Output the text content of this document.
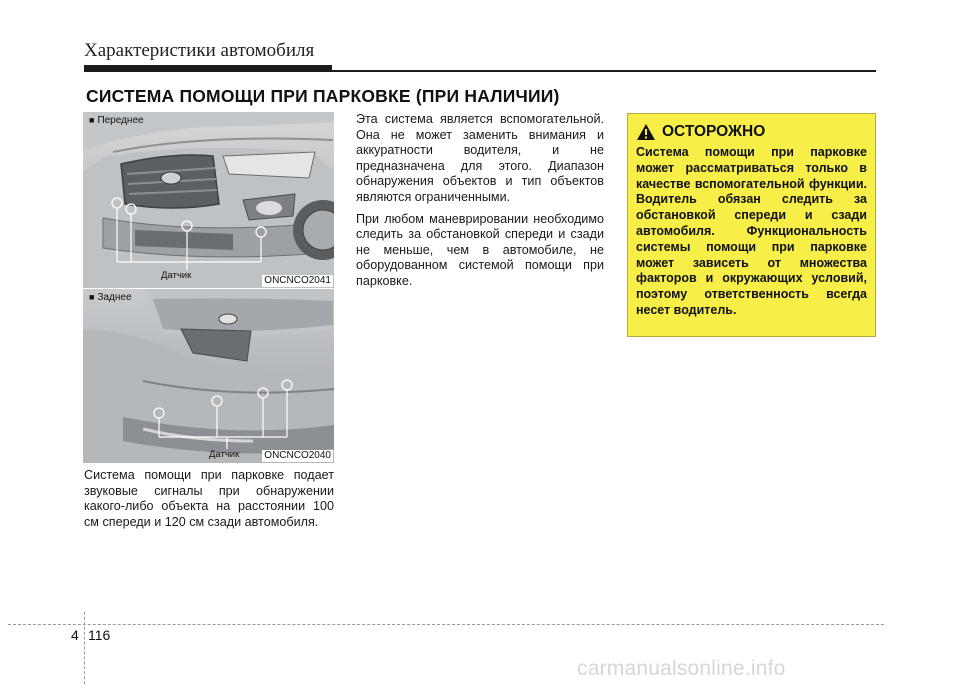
Характеристики автомобиля
СИСТЕМА ПОМОЩИ ПРИ ПАРКОВКЕ (ПРИ НАЛИЧИИ)
■ Переднее
Датчик	ONCNCO2041
■ Заднее
Датчик	ONCNCO2040

Система помощи при парковке подает звуковые сигналы при обнаружении какого-либо объекта на расстоянии 100 см спереди и 120 см сзади автомобиля.

Эта система является вспомогательной. Она не может заменить внимания и аккуратности водителя, и не предназначена для этого. Диапазон обнаружения объектов и тип объектов являются ограниченными.

При любом маневрировании необходимо следить за обстановкой спереди и сзади не меньше, чем в автомобиле, не оборудованном системой помощи при парковке.

ОСТОРОЖНО
Система помощи при парковке может рассматриваться только в качестве вспомогательной функции. Водитель обязан следить за обстановкой спереди и сзади автомобиля. Функциональность системы помощи при парковке может зависеть от множества факторов и окружающих условий, поэтому ответственность всегда несет водитель.
4 116
carmanualsonline.info
